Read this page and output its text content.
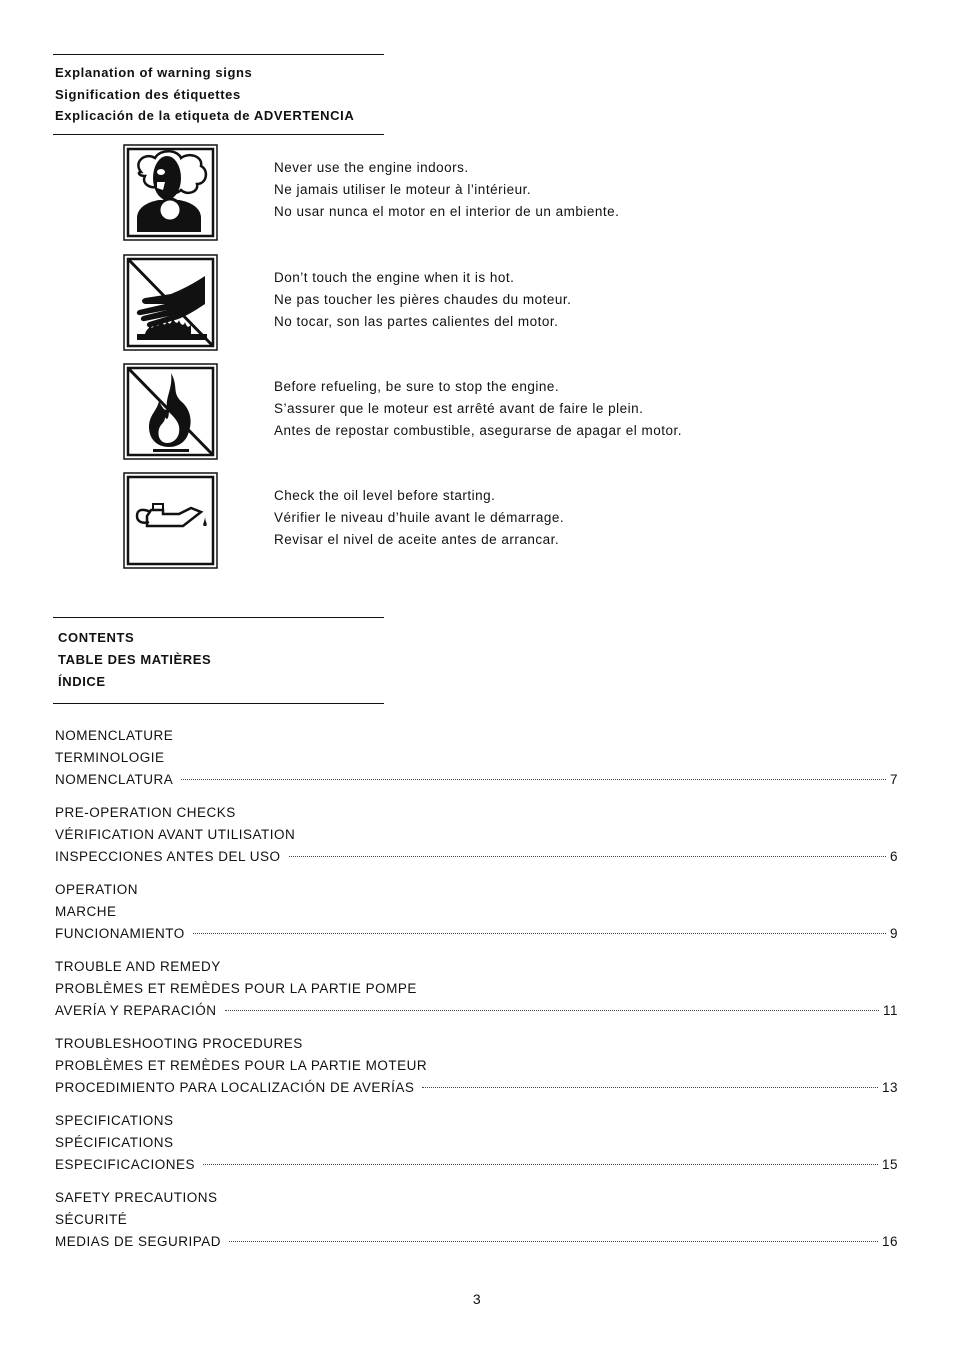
Explanation of warning signs
Signification des étiquettes
Explicación de la etiqueta de ADVERTENCIA
Never use the engine indoors.
Ne jamais utiliser le moteur à l’intérieur.
No usar nunca el motor en el interior de un ambiente.
Don’t touch the engine when it is hot.
Ne pas toucher les pières chaudes du moteur.
No tocar, son las partes calientes del motor.
Before refueling, be sure to stop the engine.
S’assurer que le moteur est arrêté avant de faire le plein.
Antes de repostar combustible, asegurarse de apagar el motor.
Check the oil level before starting.
Vérifier le niveau d’huile avant le démarrage.
Revisar el nivel de aceite antes de arrancar.
CONTENTS
TABLE DES MATIÈRES
ÍNDICE
NOMENCLATURE
TERMINOLOGIE
NOMENCLATURA	7
PRE-OPERATION CHECKS
VÉRIFICATION AVANT UTILISATION
INSPECCIONES ANTES DEL USO	6
OPERATION
MARCHE
FUNCIONAMIENTO	9
TROUBLE AND REMEDY
PROBLÈMES ET REMÈDES POUR LA PARTIE POMPE
AVERÍA Y REPARACIÓN	11
TROUBLESHOOTING PROCEDURES
PROBLÈMES ET REMÈDES POUR LA PARTIE MOTEUR
PROCEDIMIENTO PARA LOCALIZACIÓN DE AVERÍAS	13
SPECIFICATIONS
SPÉCIFICATIONS
ESPECIFICACIONES	15
SAFETY PRECAUTIONS
SÉCURITÉ
MEDIAS DE SEGURIPAD	16
3
